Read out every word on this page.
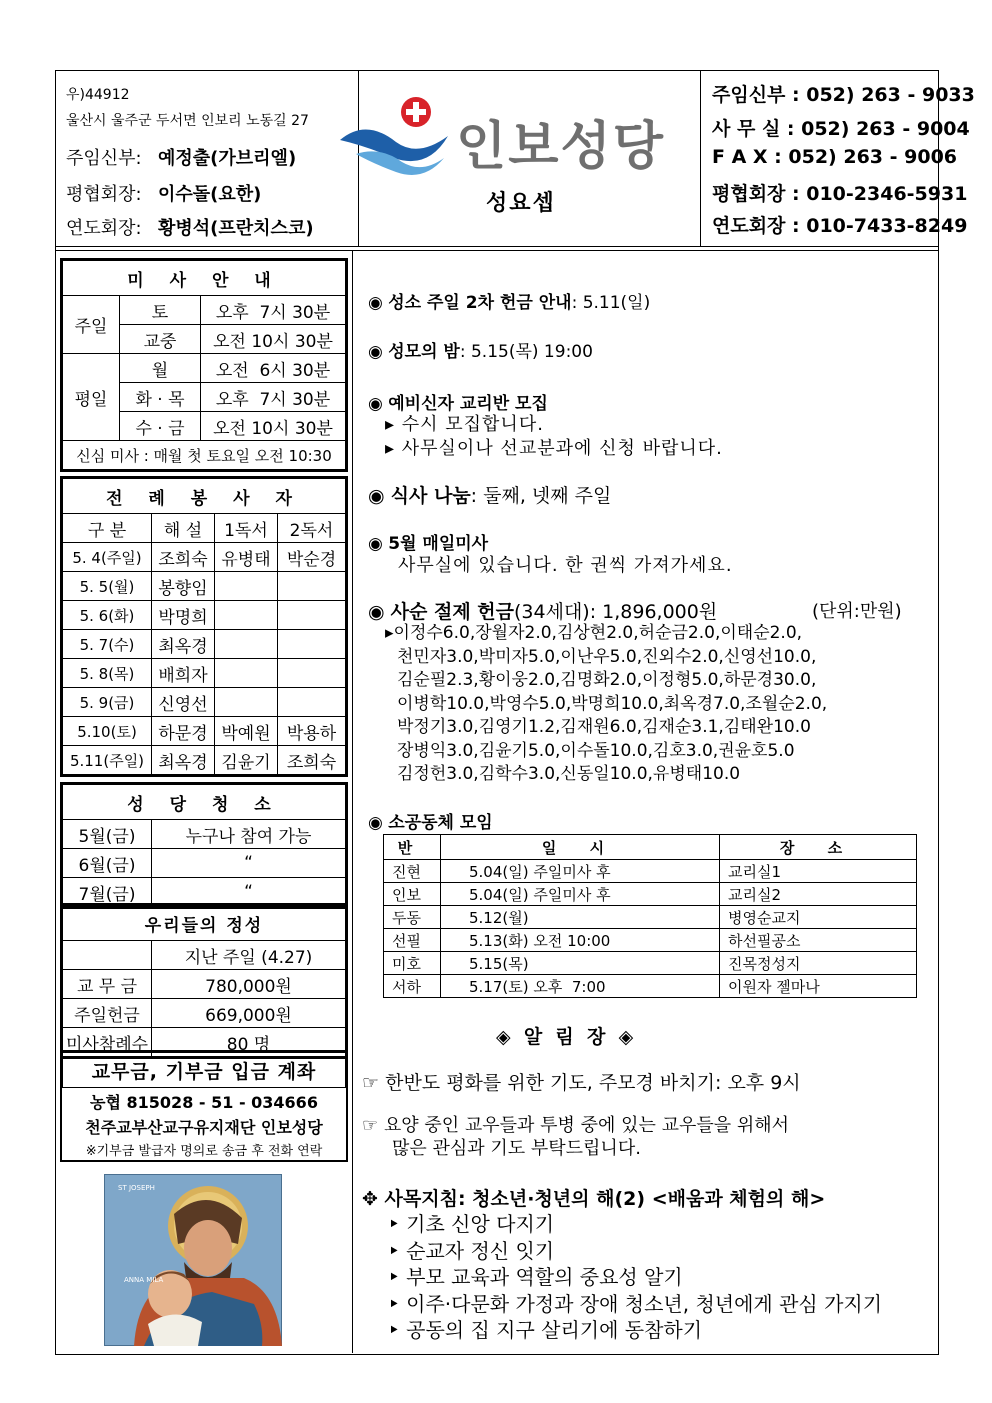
우)44912
울산시 울주군 두서면 인보리 노동길 27
주임신부: 예정출(가브리엘)
평협회장: 이수돌(요한)
연도회장: 황병석(프란치스코)
인보성당
성요셉
주임신부 : 052) 263 - 9033
사 무 실 : 052) 263 - 9004
F A X : 052) 263 - 9006
평협회장 : 010-2346-5931
연도회장 : 010-7433-8249
미 사 안 내		
주일	토	오후  7시 30분
	교중	오전 10시 30분
평일	월	오전  6시 30분
	화 · 목	오후  7시 30분
	수 · 금	오전 10시 30분
신심 미사 : 매월 첫 토요일 오전 10:30		
전 례 봉 사 자			
구 분	해 설	1독서	2독서
5. 4(주일)	조희숙	유병태	박순경
5. 5(월)	봉향임		
5. 6(화)	박명희		
5. 7(수)	최옥경		
5. 8(목)	배희자		
5. 9(금)	신영선		
5.10(토)	하문경	박예원	박용하
5.11(주일)	최옥경	김윤기	조희숙
성 당 청 소	
5월(금)	누구나 참여 가능
6월(금)	“
7월(금)	“
우리들의 정성	
	지난 주일 (4.27)
교 무 금	780,000원
주일헌금	669,000원
미사참례수	80 명
교무금, 기부금 입금 계좌
농협 815028 - 51 - 034666
천주교부산교구유지재단 인보성당
※기부금 발급자 명의로 송금 후 전화 연락
ST JOSEPH
ANNA MILA
◉ 성소 주일 2차 헌금 안내: 5.11(일)
◉ 성모의 밤: 5.15(목) 19:00
◉ 예비신자 교리반 모집
▸ 수시 모집합니다.
▸ 사무실이나 선교분과에 신청 바랍니다.
◉ 식사 나눔: 둘째, 넷째 주일
◉ 5월 매일미사
사무실에 있습니다. 한 권씩 가져가세요.
◉ 사순 절제 헌금(34세대): 1,896,000원	(단위:만원)
▸이정수6.0,장월자2.0,김상현2.0,허순금2.0,이태순2.0,
천민자3.0,박미자5.0,이난우5.0,진외수2.0,신영선10.0,
김순필2.3,황이웅2.0,김명화2.0,이정형5.0,하문경30.0,
이병학10.0,박영수5.0,박명희10.0,최옥경7.0,조월순2.0,
박정기3.0,김영기1.2,김재원6.0,김재순3.1,김태완10.0
장병익3.0,김윤기5.0,이수돌10.0,김호3.0,권윤호5.0
김정헌3.0,김학수3.0,신동일10.0,유병태10.0
◉ 소공동체 모임
반	일 시	장 소
진현	5.04(일) 주일미사 후	교리실1
인보	5.04(일) 주일미사 후	교리실2
두동	5.12(월)	병영순교지
선필	5.13(화) 오전 10:00	하선필공소
미호	5.15(목)	진목정성지
서하	5.17(토) 오후  7:00	이원자 젤마나
◈  알  림  장  ◈
☞ 한반도 평화를 위한 기도, 주모경 바치기: 오후 9시
☞ 요양 중인 교우들과 투병 중에 있는 교우들을 위해서
많은 관심과 기도 부탁드립니다.
✥ 사목지침: 청소년·청년의 해(2) <배움과 체험의 해>
‣ 기초 신앙 다지기
‣ 순교자 정신 잇기
‣ 부모 교육과 역할의 중요성 알기
‣ 이주·다문화 가정과 장애 청소년, 청년에게 관심 가지기
‣ 공동의 집 지구 살리기에 동참하기
